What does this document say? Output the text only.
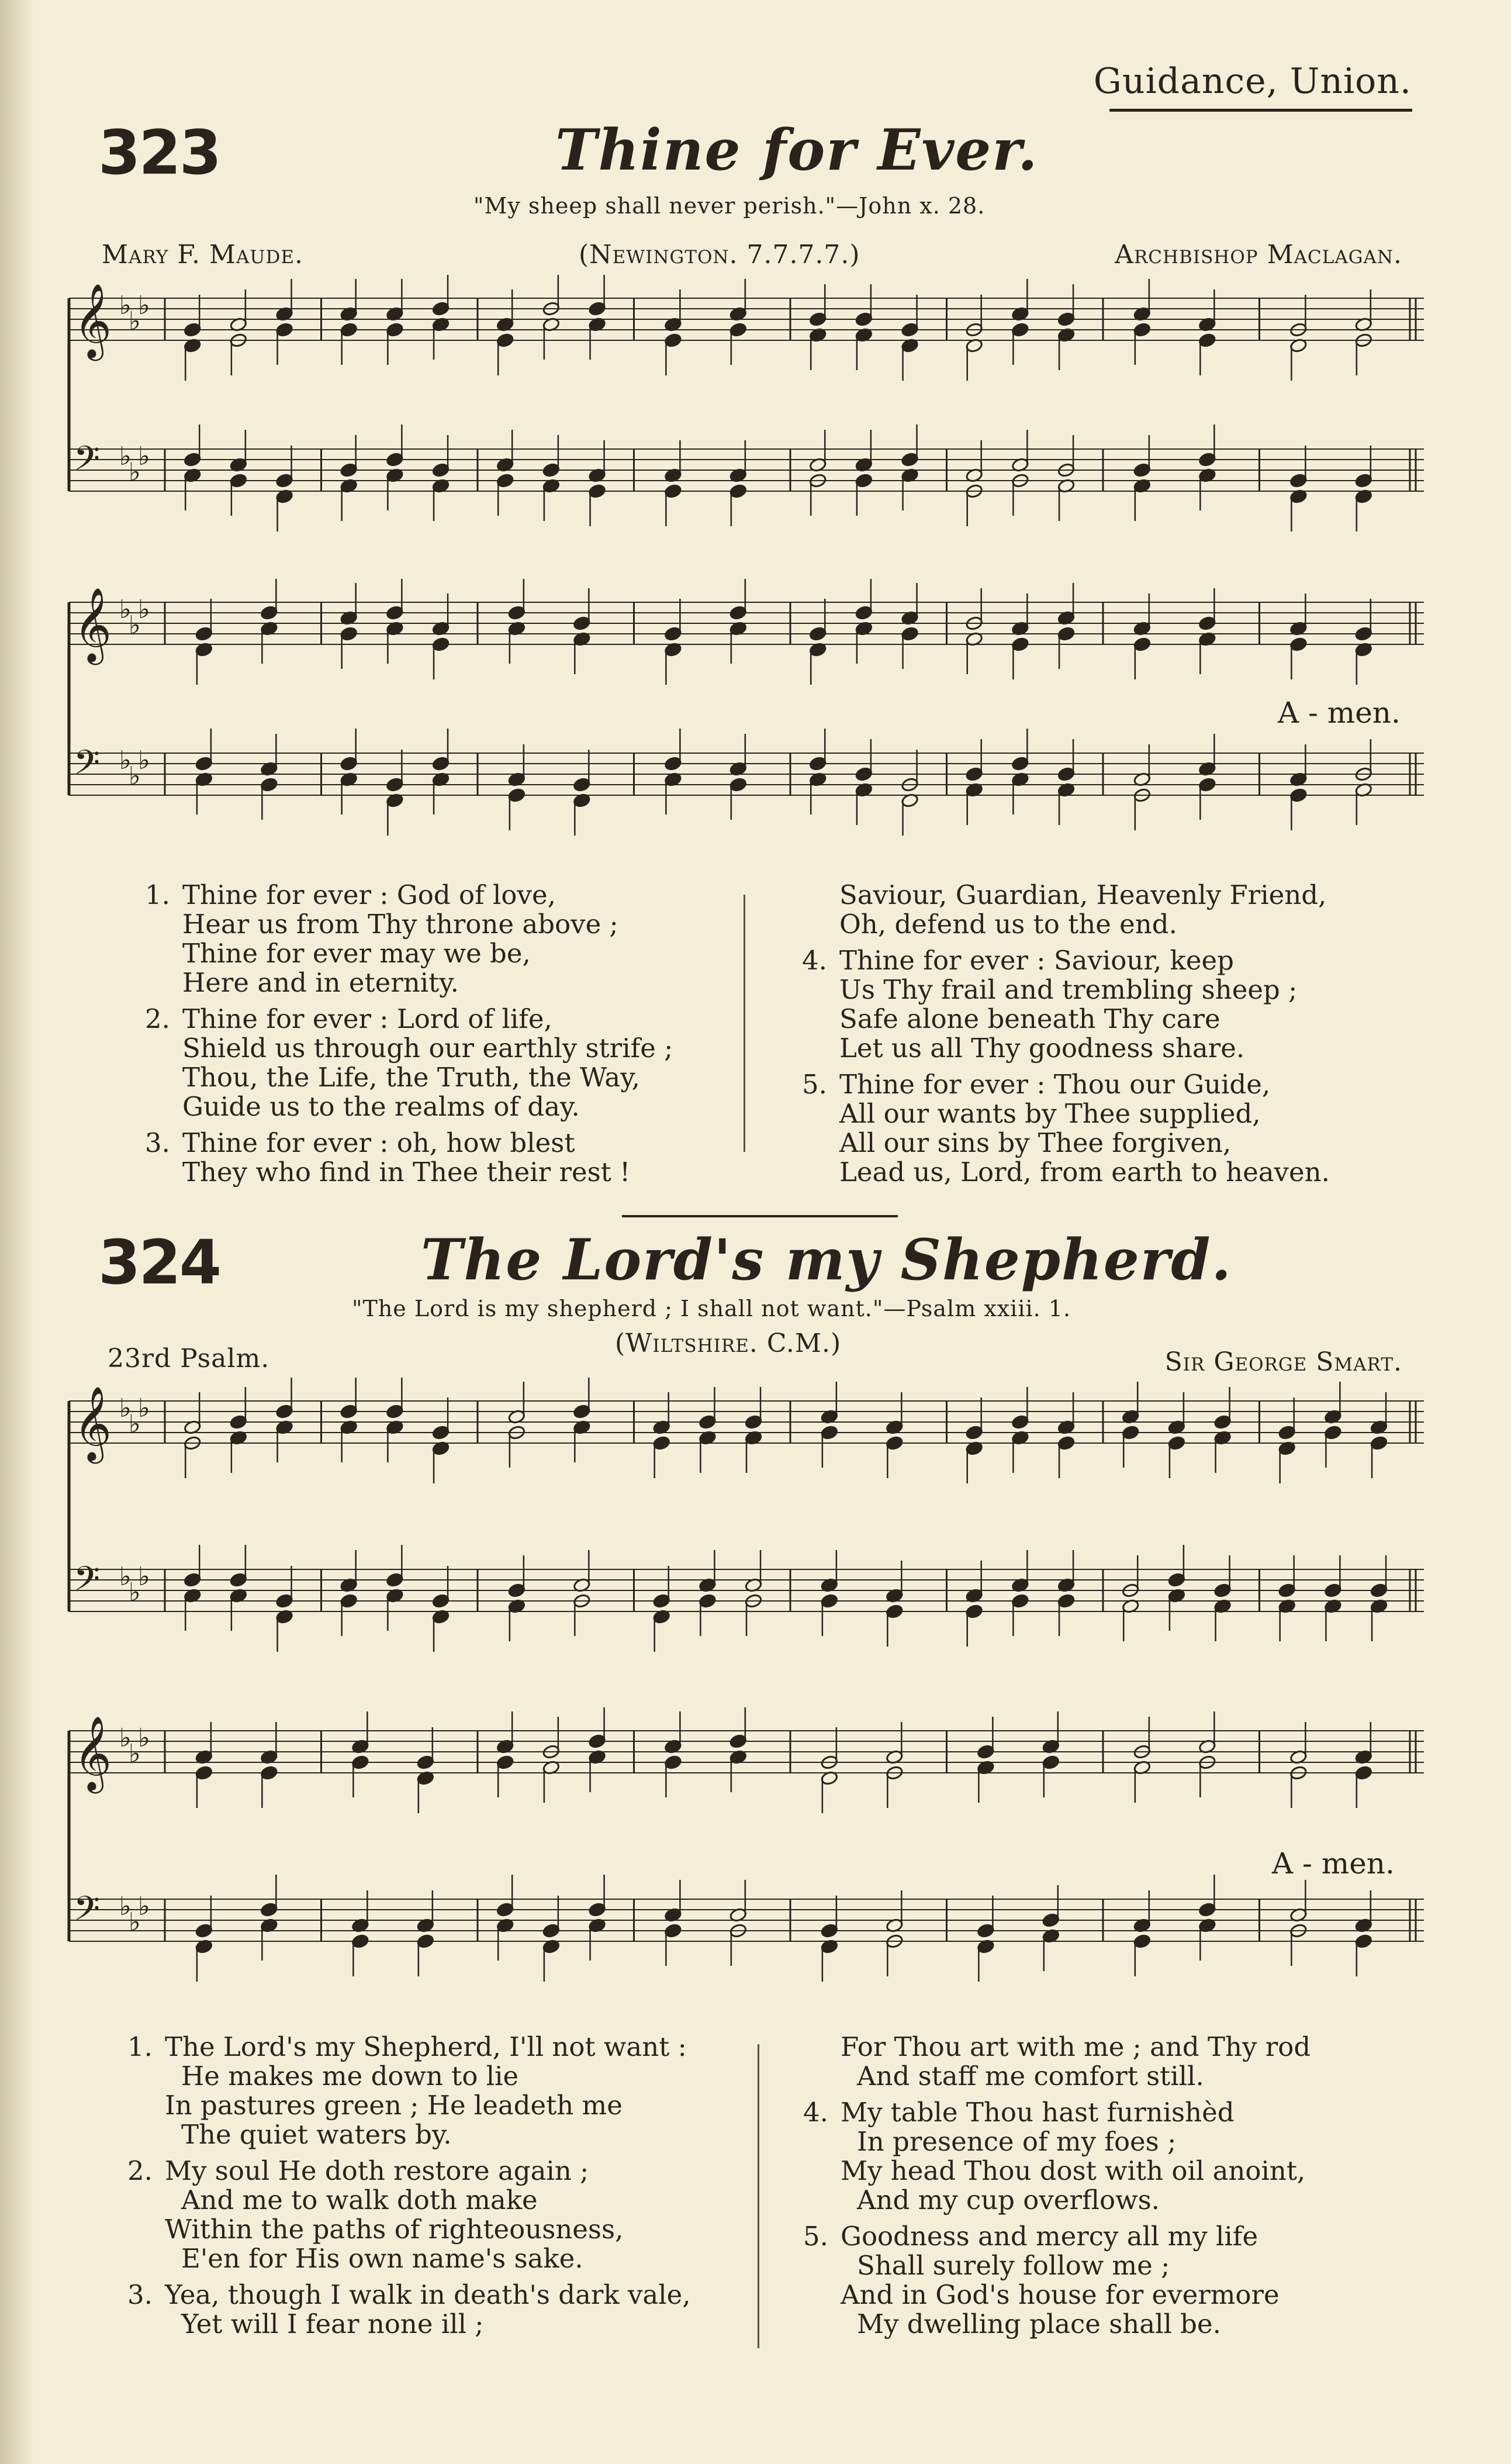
Guidance, Union.
323	Thine for Ever.
"My sheep shall never perish."—John x. 28.
Mary F. Maude.	(Newington. 7.7.7.7.)	Archbishop Maclagan.
𝄞 ♭
♭
♭
𝄢 ♭
♭
♭
𝄞 ♭
♭
♭
𝄢 ♭
♭
♭
A - men.
1. Thine for ever : God of love,
Hear us from Thy throne above ;
Thine for ever may we be,
Here and in eternity.
2. Thine for ever : Lord of life,
Shield us through our earthly strife ;
Thou, the Life, the Truth, the Way,
Guide us to the realms of day.
3. Thine for ever : oh, how blest
They who find in Thee their rest !
Saviour, Guardian, Heavenly Friend,
Oh, defend us to the end.
4. Thine for ever : Saviour, keep
Us Thy frail and trembling sheep ;
Safe alone beneath Thy care
Let us all Thy goodness share.
5. Thine for ever : Thou our Guide,
All our wants by Thee supplied,
All our sins by Thee forgiven,
Lead us, Lord, from earth to heaven.
324	The Lord's my Shepherd.
"The Lord is my shepherd ; I shall not want."—Psalm xxiii. 1.
23rd Psalm.
(Wiltshire. C.M.)
Sir George Smart.
𝄞 ♭
♭
♭
𝄢 ♭
♭
♭
𝄞 ♭
♭
♭
𝄢 ♭
♭
♭
A - men.
1. The Lord's my Shepherd, I'll not want :
He makes me down to lie
In pastures green ; He leadeth me
The quiet waters by.
2. My soul He doth restore again ;
And me to walk doth make
Within the paths of righteousness,
E'en for His own name's sake.
3. Yea, though I walk in death's dark vale,
Yet will I fear none ill ;
For Thou art with me ; and Thy rod
And staff me comfort still.
4. My table Thou hast furnishèd
In presence of my foes ;
My head Thou dost with oil anoint,
And my cup overflows.
5. Goodness and mercy all my life
Shall surely follow me ;
And in God's house for evermore
My dwelling place shall be.
